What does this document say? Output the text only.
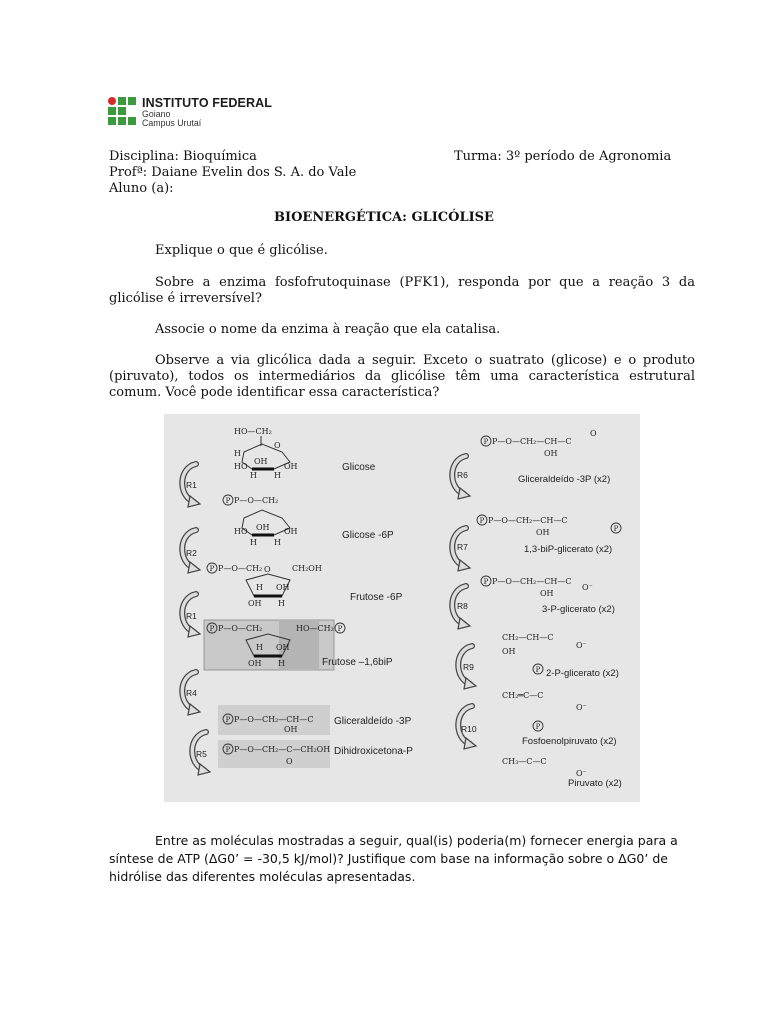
INSTITUTO FEDERAL
Goiano
Campus Urutaí
Disciplina: Bioquímica	Turma: 3º período de Agronomia
Profª: Daiane Evelin dos S. A. do Vale
Aluno (a):
BIOENERGÉTICA: GLICÓLISE
Explique o que é glicólise.
Sobre a enzima fosfofrutoquinase (PFK1), responda por que a reação 3 da glicólise é irreversível?
Associe o nome da enzima à reação que ela catalisa.
Observe a via glicólica dada a seguir. Exceto o suatrato (glicose) e o produto (piruvato), todos os intermediários da glicólise têm uma característica estrutural comum. Você pode identificar essa característica?
P
HO—CH₂
O
H
HO
OH
OH
H H
Glicose
P—O—CH₂
HO OH OH
H H
Glicose -6P
P—O—CH₂	CH₂OH
O
H OH
OH H
Frutose -6P
P—O—CH₂	HO—CH₂
H OH
OH H	Frutose –1,6biP
P—O—CH₂—CH—C
OH
Gliceraldeído -3P
P—O—CH₂—C—CH₂OH
O
Dihidroxicetona-P
R1
R2
R1
R4
R5
P—O—CH₂—CH—C
OH
O
Gliceraldeído -3P (x2)
P—O—CH₂—CH—C
OH
1,3-biP-glicerato (x2)
P—O—CH₂—CH—C
OH
O⁻
3-P-glicerato (x2)
CH₂—CH—C
OH
O⁻
2-P-glicerato (x2)
CH₂═C—C
O⁻
Fosfoenolpiruvato (x2)
CH₃—C—C
O⁻
Piruvato (x2)
R6
R7
R8
R9
R10
Entre as moléculas mostradas a seguir, qual(is) poderia(m) fornecer energia para a síntese de ATP (ΔG0’ = -30,5 kJ/mol)? Justifique com base na informação sobre o ΔG0’ de hidrólise das diferentes moléculas apresentadas.
